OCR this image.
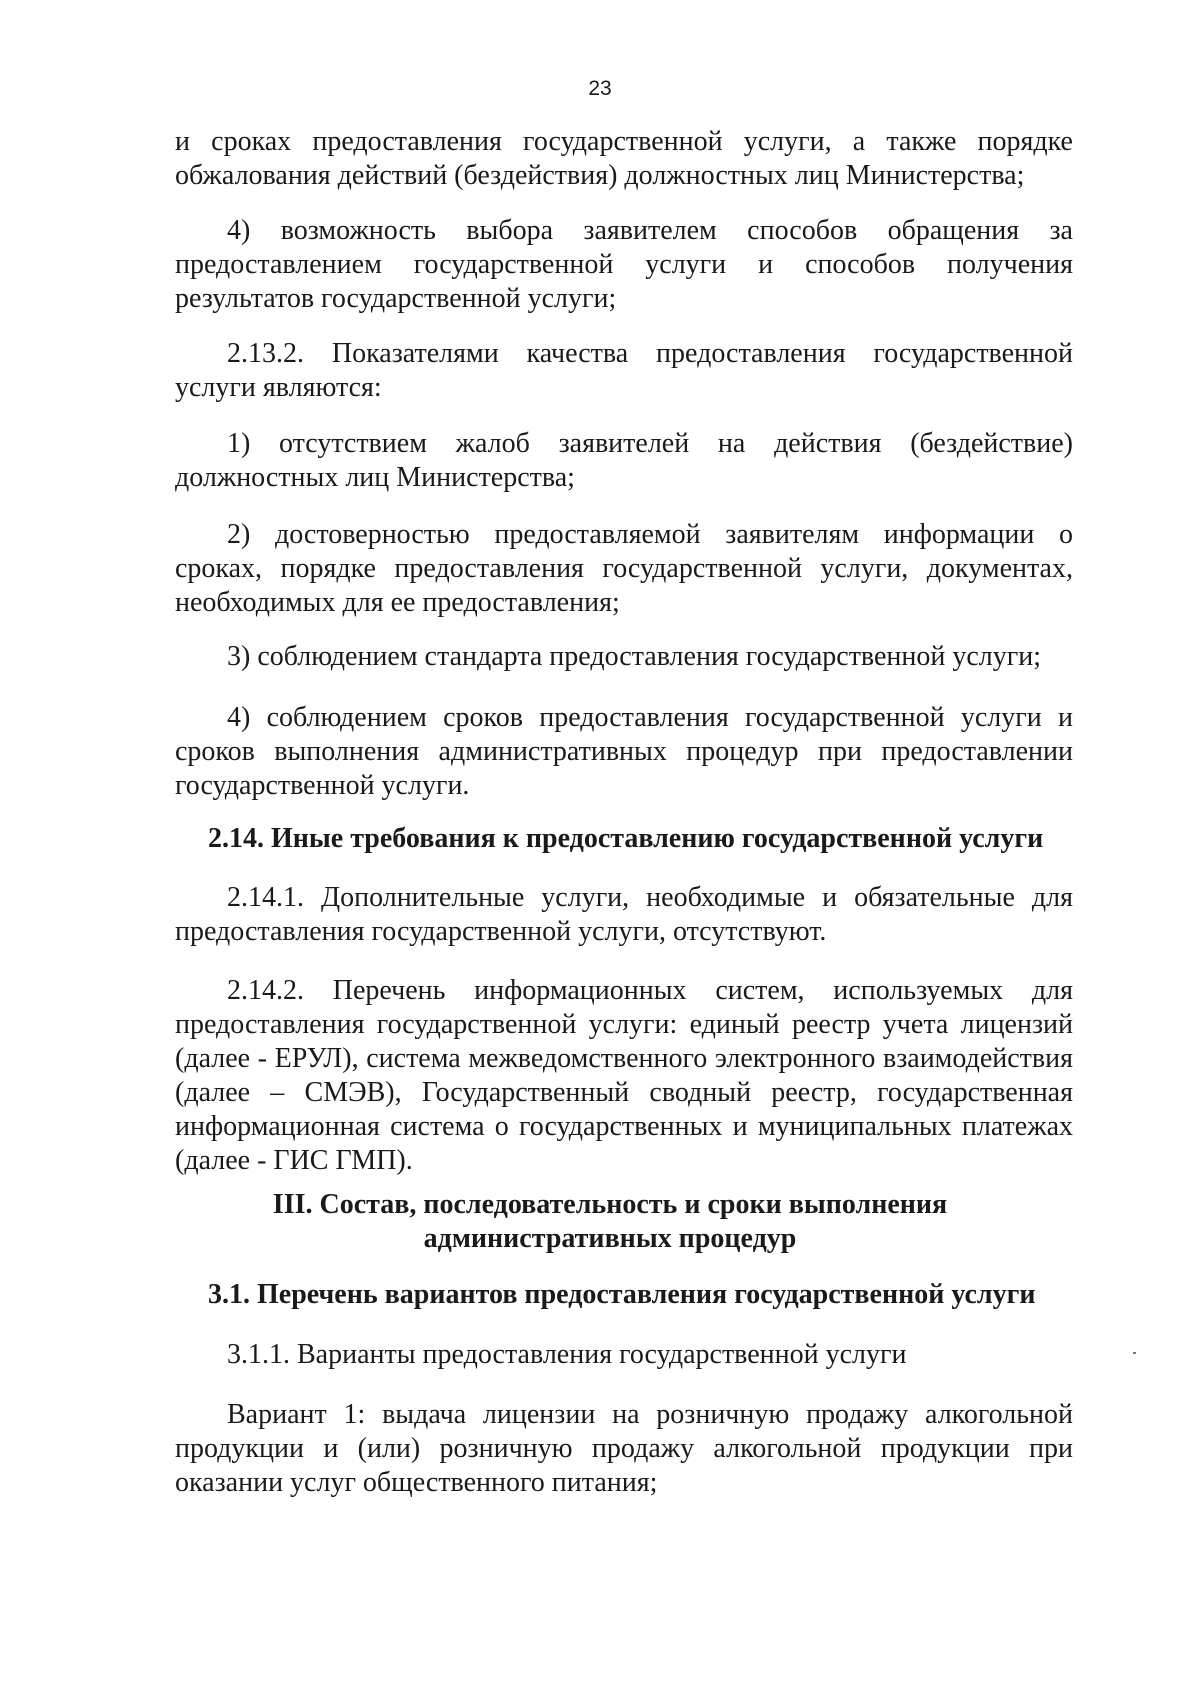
23

и сроках предоставления государственной услуги, а также порядке обжалования действий (бездействия) должностных лиц Министерства;

4) возможность выбора заявителем способов обращения за предоставлением государственной услуги и способов получения результатов государственной услуги;

2.13.2. Показателями качества предоставления государственной услуги являются:

1) отсутствием жалоб заявителей на действия (бездействие) должностных лиц Министерства;

2) достоверностью предоставляемой заявителям информации о сроках, порядке предоставления государственной услуги, документах, необходимых для ее предоставления;

3) соблюдением стандарта предоставления государственной услуги;

4) соблюдением сроков предоставления государственной услуги и сроков выполнения административных процедур при предоставлении государственной услуги.

2.14. Иные требования к предоставлению государственной услуги

2.14.1. Дополнительные услуги, необходимые и обязательные для предоставления государственной услуги, отсутствуют.

2.14.2. Перечень информационных систем, используемых для предоставления государственной услуги: единый реестр учета лицензий (далее - ЕРУЛ), система межведомственного электронного взаимодействия (далее – СМЭВ), Государственный сводный реестр, государственная информационная система о государственных и муниципальных платежах (далее - ГИС ГМП).

III. Состав, последовательность и сроки выполнения административных процедур

3.1. Перечень вариантов предоставления государственной услуги

3.1.1. Варианты предоставления государственной услуги

Вариант 1: выдача лицензии на розничную продажу алкогольной продукции и (или) розничную продажу алкогольной продукции при оказании услуг общественного питания;
